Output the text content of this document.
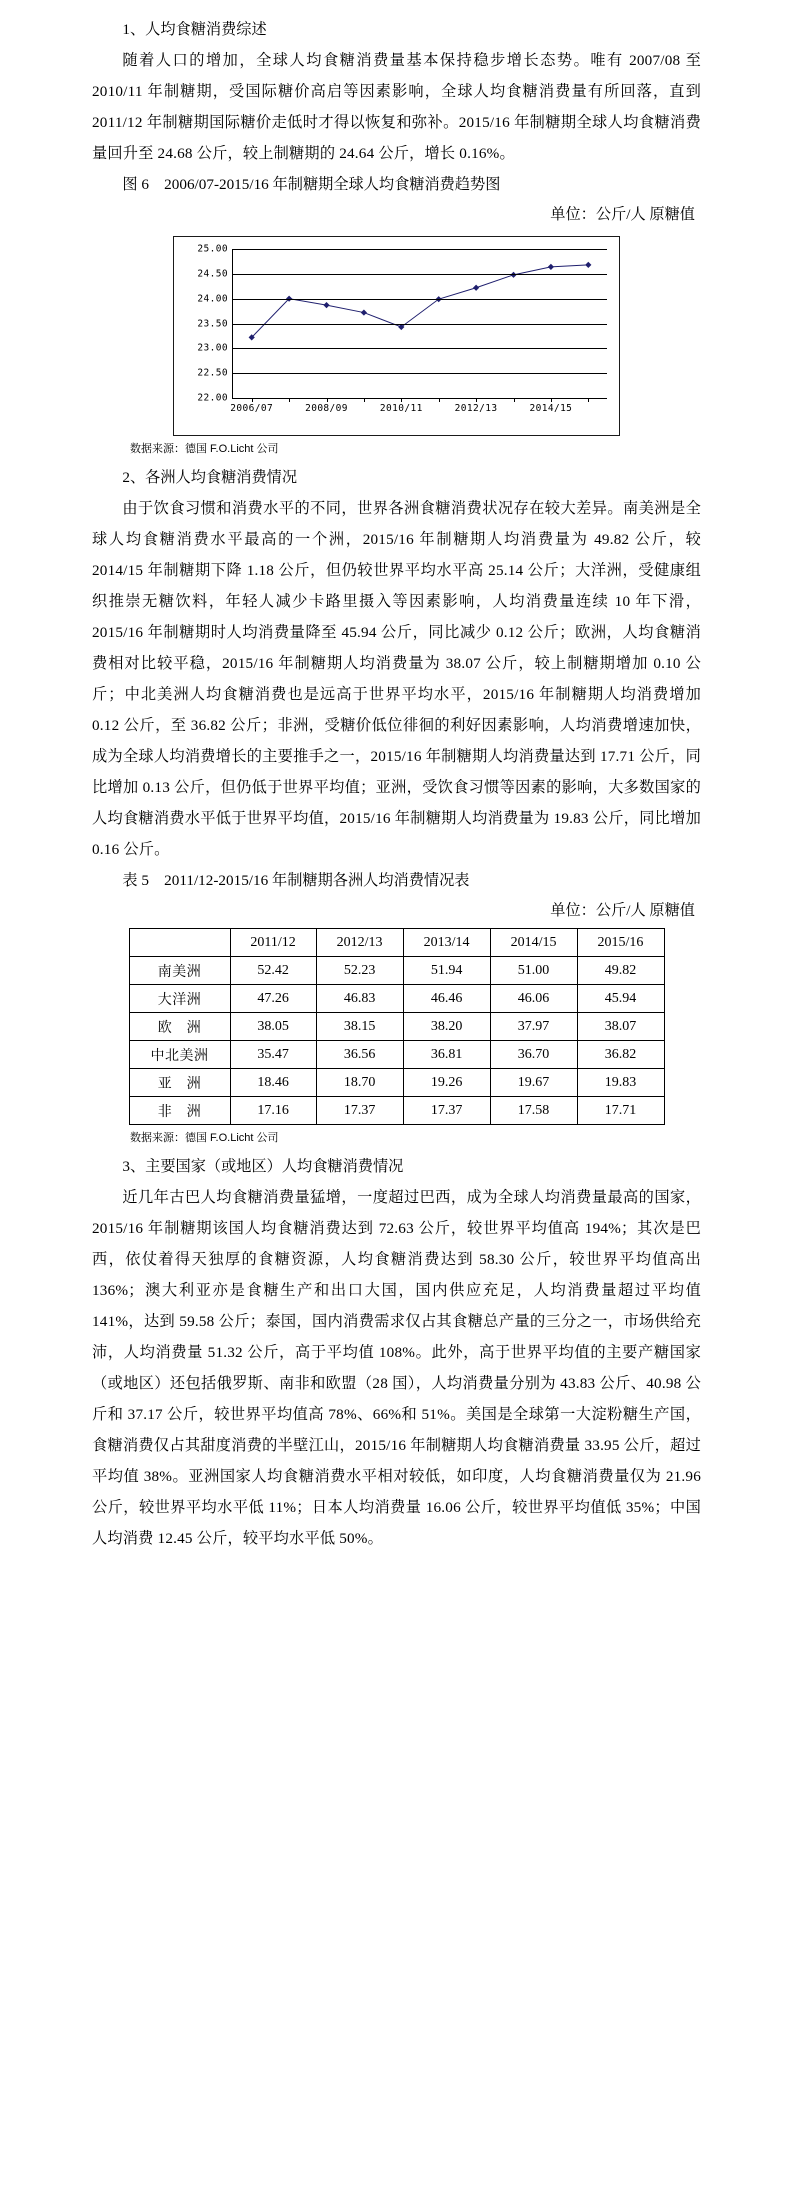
1、人均食糖消费综述

随着人口的增加，全球人均食糖消费量基本保持稳步增长态势。唯有 2007/08 至 2010/11 年制糖期，受国际糖价高启等因素影响，全球人均食糖消费量有所回落，直到 2011/12 年制糖期国际糖价走低时才得以恢复和弥补。2015/16 年制糖期全球人均食糖消费量回升至 24.68 公斤，较上制糖期的 24.64 公斤，增长 0.16%。

图 6　2006/07-2015/16 年制糖期全球人均食糖消费趋势图

单位：公斤/人 原糖值

25.00
24.50
24.00
23.50
23.00
22.50
22.00
2006/07	2008/09	2010/11	2012/13	2014/15

数据来源：德国 F.O.Licht 公司

2、各洲人均食糖消费情况

由于饮食习惯和消费水平的不同，世界各洲食糖消费状况存在较大差异。南美洲是全球人均食糖消费水平最高的一个洲，2015/16 年制糖期人均消费量为 49.82 公斤，较 2014/15 年制糖期下降 1.18 公斤，但仍较世界平均水平高 25.14 公斤；大洋洲，受健康组织推崇无糖饮料，年轻人减少卡路里摄入等因素影响，人均消费量连续 10 年下滑，2015/16 年制糖期时人均消费量降至 45.94 公斤，同比减少 0.12 公斤；欧洲，人均食糖消费相对比较平稳，2015/16 年制糖期人均消费量为 38.07 公斤，较上制糖期增加 0.10 公斤；中北美洲人均食糖消费也是远高于世界平均水平，2015/16 年制糖期人均消费增加 0.12 公斤，至 36.82 公斤；非洲，受糖价低位徘徊的利好因素影响，人均消费增速加快，成为全球人均消费增长的主要推手之一，2015/16 年制糖期人均消费量达到 17.71 公斤，同比增加 0.13 公斤，但仍低于世界平均值；亚洲，受饮食习惯等因素的影响，大多数国家的人均食糖消费水平低于世界平均值，2015/16 年制糖期人均消费量为 19.83 公斤，同比增加 0.16 公斤。

表 5　2011/12-2015/16 年制糖期各洲人均消费情况表

单位：公斤/人 原糖值

	2011/12	2012/13	2013/14	2014/15	2015/16
南美洲	52.42	52.23	51.94	51.00	49.82
大洋洲	47.26	46.83	46.46	46.06	45.94
欧　洲	38.05	38.15	38.20	37.97	38.07
中北美洲	35.47	36.56	36.81	36.70	36.82
亚　洲	18.46	18.70	19.26	19.67	19.83
非　洲	17.16	17.37	17.37	17.58	17.71

数据来源：德国 F.O.Licht 公司

3、主要国家（或地区）人均食糖消费情况

近几年古巴人均食糖消费量猛增，一度超过巴西，成为全球人均消费量最高的国家，2015/16 年制糖期该国人均食糖消费达到 72.63 公斤，较世界平均值高 194%；其次是巴西，依仗着得天独厚的食糖资源，人均食糖消费达到 58.30 公斤，较世界平均值高出 136%；澳大利亚亦是食糖生产和出口大国，国内供应充足，人均消费量超过平均值 141%，达到 59.58 公斤；泰国，国内消费需求仅占其食糖总产量的三分之一，市场供给充沛，人均消费量 51.32 公斤，高于平均值 108%。此外，高于世界平均值的主要产糖国家（或地区）还包括俄罗斯、南非和欧盟（28 国），人均消费量分别为 43.83 公斤、40.98 公斤和 37.17 公斤，较世界平均值高 78%、66%和 51%。美国是全球第一大淀粉糖生产国，食糖消费仅占其甜度消费的半壁江山，2015/16 年制糖期人均食糖消费量 33.95 公斤，超过平均值 38%。亚洲国家人均食糖消费水平相对较低，如印度，人均食糖消费量仅为 21.96 公斤，较世界平均水平低 11%；日本人均消费量 16.06 公斤，较世界平均值低 35%；中国人均消费 12.45 公斤，较平均水平低 50%。
